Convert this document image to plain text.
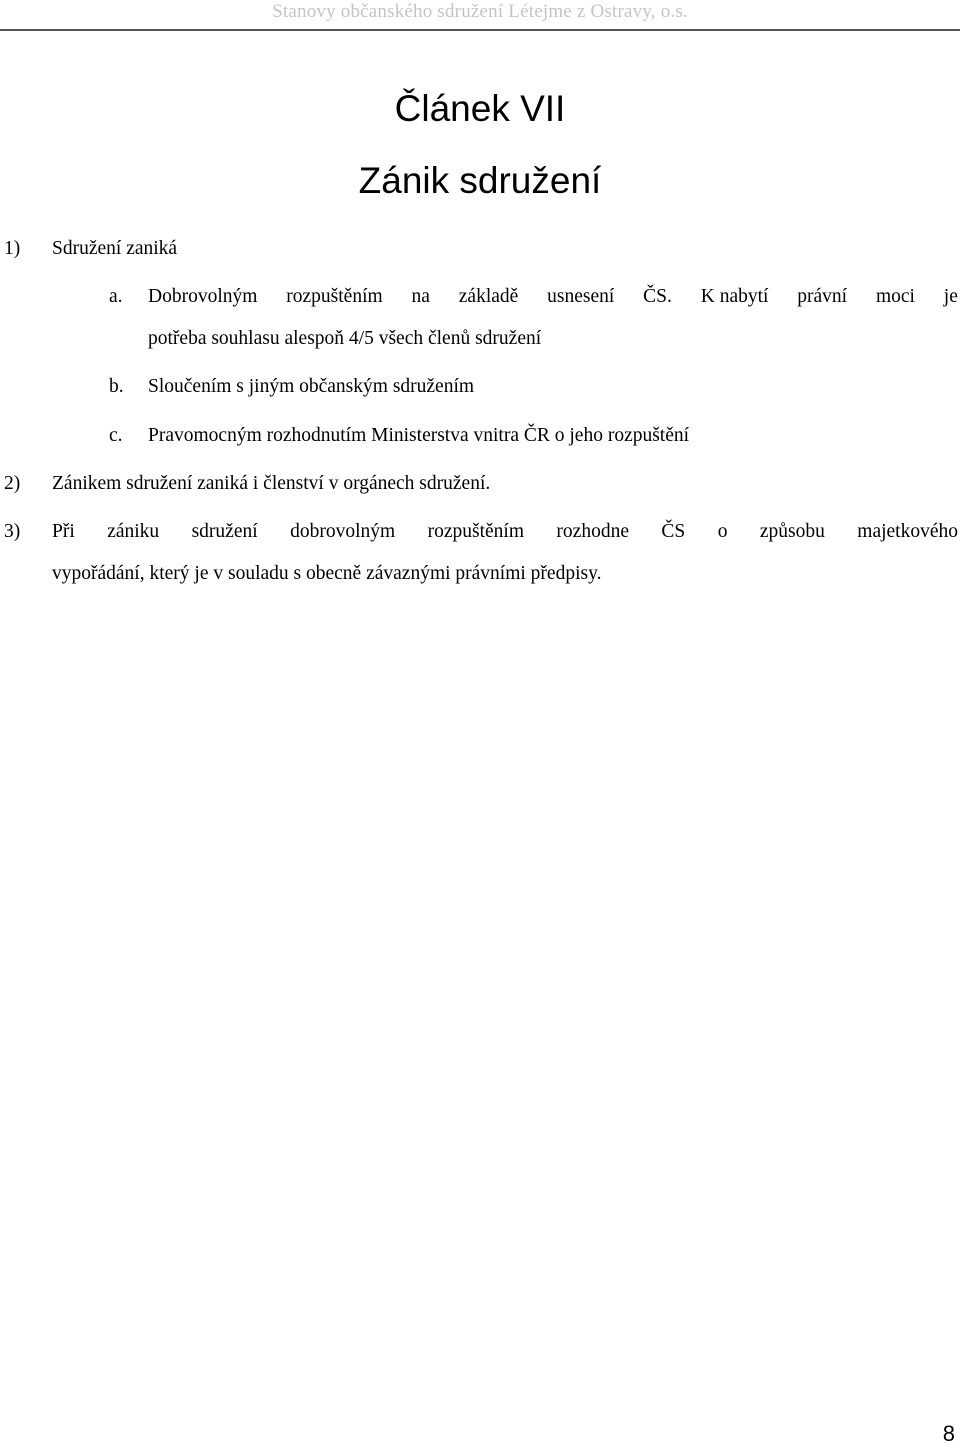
Stanovy občanského sdružení Létejme z Ostravy, o.s.
Článek VII
Zánik sdružení
1) Sdružení zaniká
a. Dobrovolným rozpuštěním na základě usnesení ČS. K nabytí právní moci je
potřeba souhlasu alespoň 4/5 všech členů sdružení
b. Sloučením s jiným občanským sdružením
c. Pravomocným rozhodnutím Ministerstva vnitra ČR o jeho rozpuštění
2) Zánikem sdružení zaniká i členství v orgánech sdružení.
3) Při zániku sdružení dobrovolným rozpuštěním rozhodne ČS o způsobu majetkového
vypořádání, který je v souladu s obecně závaznými právními předpisy.
8
